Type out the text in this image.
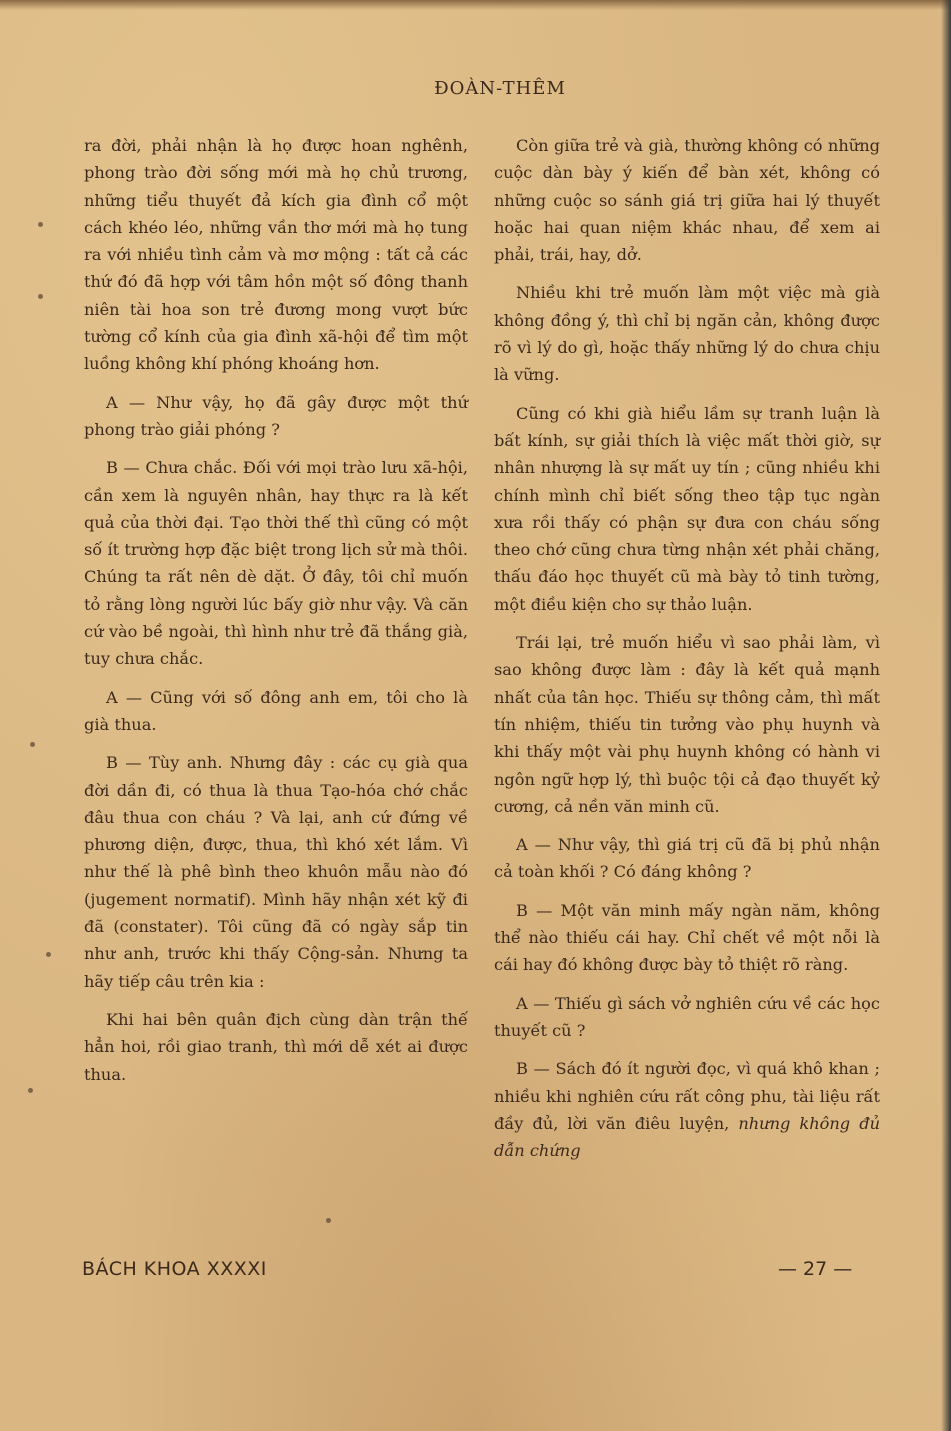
ĐOÀN-THÊM

ra đời, phải nhận là họ được hoan nghênh, phong trào đời sống mới mà họ chủ trương, những tiểu thuyết đả kích gia đình cổ một cách khéo léo, những vần thơ mới mà họ tung ra với nhiều tình cảm và mơ mộng : tất cả các thứ đó đã hợp với tâm hồn một số đông thanh niên tài hoa son trẻ đương mong vượt bức tường cổ kính của gia đình xã-hội để tìm một luồng không khí phóng khoáng hơn.

A — Như vậy, họ đã gây được một thứ phong trào giải phóng ?

B — Chưa chắc. Đối với mọi trào lưu xã-hội, cần xem là nguyên nhân, hay thực ra là kết quả của thời đại. Tạo thời thế thì cũng có một số ít trường hợp đặc biệt trong lịch sử mà thôi. Chúng ta rất nên dè dặt. Ở đây, tôi chỉ muốn tỏ rằng lòng người lúc bấy giờ như vậy. Và căn cứ vào bề ngoài, thì hình như trẻ đã thắng già, tuy chưa chắc.

A — Cũng với số đông anh em, tôi cho là già thua.

B — Tùy anh. Nhưng đây : các cụ già qua đời dần đi, có thua là thua Tạo-hóa chớ chắc đâu thua con cháu ? Và lại, anh cứ đứng về phương diện, được, thua, thì khó xét lắm. Vì như thế là phê bình theo khuôn mẫu nào đó (jugement normatif). Mình hãy nhận xét kỹ đi đã (constater). Tôi cũng đã có ngày sắp tin như anh, trước khi thấy Cộng-sản. Nhưng ta hãy tiếp câu trên kia :

Khi hai bên quân địch cùng dàn trận thế hẳn hoi, rồi giao tranh, thì mới dễ xét ai được thua.

Còn giữa trẻ và già, thường không có những cuộc dàn bày ý kiến để bàn xét, không có những cuộc so sánh giá trị giữa hai lý thuyết hoặc hai quan niệm khác nhau, để xem ai phải, trái, hay, dở.

Nhiều khi trẻ muốn làm một việc mà già không đồng ý, thì chỉ bị ngăn cản, không được rõ vì lý do gì, hoặc thấy những lý do chưa chịu là vững.

Cũng có khi già hiểu lầm sự tranh luận là bất kính, sự giải thích là việc mất thời giờ, sự nhân nhượng là sự mất uy tín ; cũng nhiều khi chính mình chỉ biết sống theo tập tục ngàn xưa rồi thấy có phận sự đưa con cháu sống theo chớ cũng chưa từng nhận xét phải chăng, thấu đáo học thuyết cũ mà bày tỏ tinh tường, một điều kiện cho sự thảo luận.

Trái lại, trẻ muốn hiểu vì sao phải làm, vì sao không được làm : đây là kết quả mạnh nhất của tân học. Thiếu sự thông cảm, thì mất tín nhiệm, thiếu tin tưởng vào phụ huynh và khi thấy một vài phụ huynh không có hành vi ngôn ngữ hợp lý, thì buộc tội cả đạo thuyết kỷ cương, cả nền văn minh cũ.

A — Như vậy, thì giá trị cũ đã bị phủ nhận cả toàn khối ? Có đáng không ?

B — Một văn minh mấy ngàn năm, không thể nào thiếu cái hay. Chỉ chết về một nỗi là cái hay đó không được bày tỏ thiệt rõ ràng.

A — Thiếu gì sách vở nghiên cứu về các học thuyết cũ ?

B — Sách đó ít người đọc, vì quá khô khan ; nhiều khi nghiên cứu rất công phu, tài liệu rất đầy đủ, lời văn điêu luyện, nhưng không đủ dẫn chứng

BÁCH KHOA XXXXI	— 27 —
